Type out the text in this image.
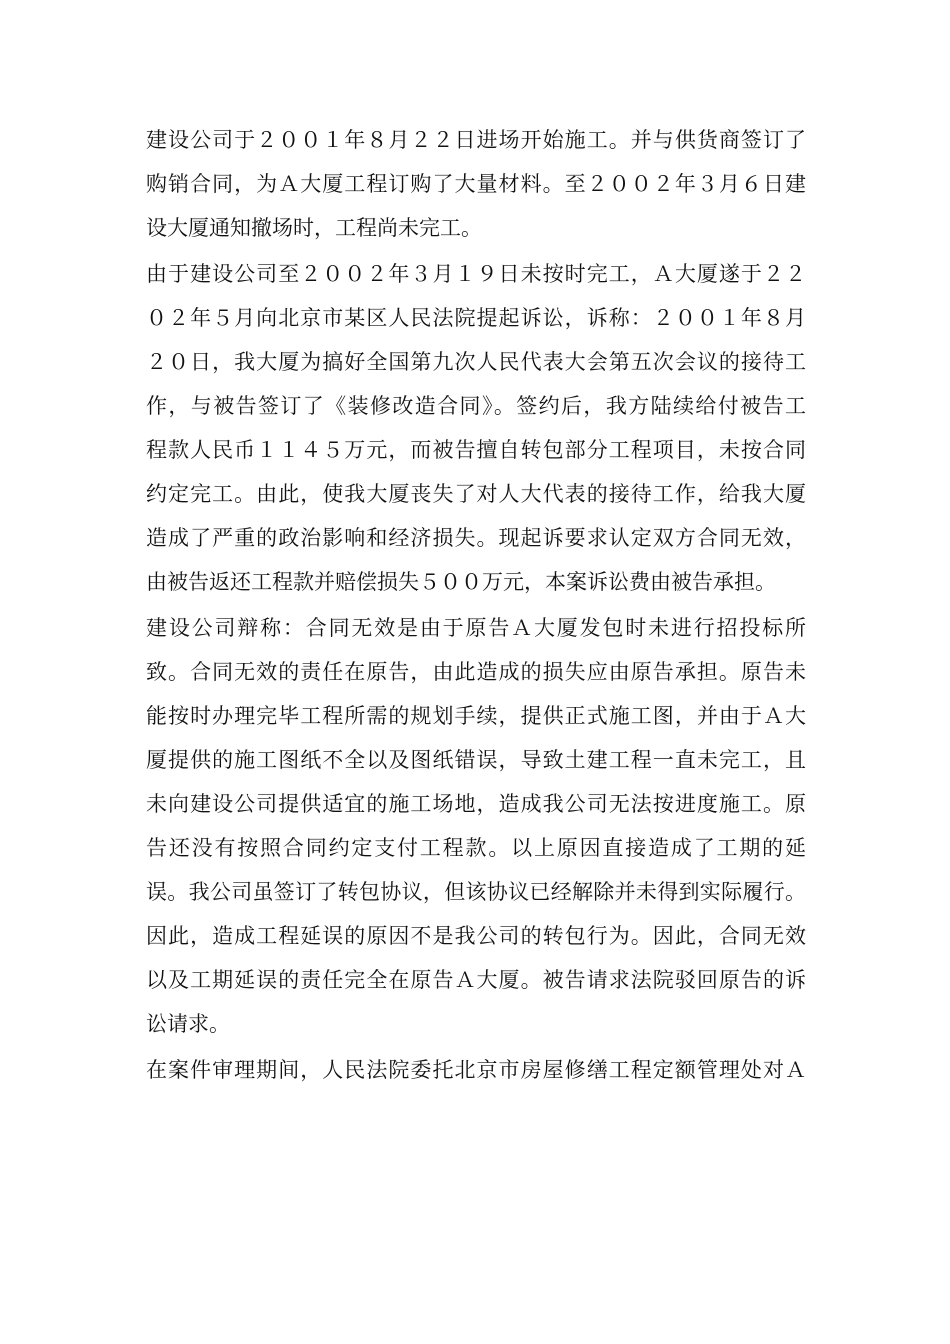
建设公司于２００１年８月２２日进场开始施工。并与供货商签订了
购销合同，为Ａ大厦工程订购了大量材料。至２００２年３月６日建
设大厦通知撤场时，工程尚未完工。
由于建设公司至２００２年３月１９日未按时完工，Ａ大厦遂于２２
０２年５月向北京市某区人民法院提起诉讼，诉称：２００１年８月
２０日，我大厦为搞好全国第九次人民代表大会第五次会议的接待工
作，与被告签订了《装修改造合同》。签约后，我方陆续给付被告工
程款人民币１１４５万元，而被告擅自转包部分工程项目，未按合同
约定完工。由此，使我大厦丧失了对人大代表的接待工作，给我大厦
造成了严重的政治影响和经济损失。现起诉要求认定双方合同无效，
由被告返还工程款并赔偿损失５００万元，本案诉讼费由被告承担。
建设公司辩称：合同无效是由于原告Ａ大厦发包时未进行招投标所
致。合同无效的责任在原告，由此造成的损失应由原告承担。原告未
能按时办理完毕工程所需的规划手续，提供正式施工图，并由于Ａ大
厦提供的施工图纸不全以及图纸错误，导致土建工程一直未完工，且
未向建设公司提供适宜的施工场地，造成我公司无法按进度施工。原
告还没有按照合同约定支付工程款。以上原因直接造成了工期的延
误。我公司虽签订了转包协议，但该协议已经解除并未得到实际履行。
因此，造成工程延误的原因不是我公司的转包行为。因此，合同无效
以及工期延误的责任完全在原告Ａ大厦。被告请求法院驳回原告的诉
讼请求。
在案件审理期间，人民法院委托北京市房屋修缮工程定额管理处对Ａ
